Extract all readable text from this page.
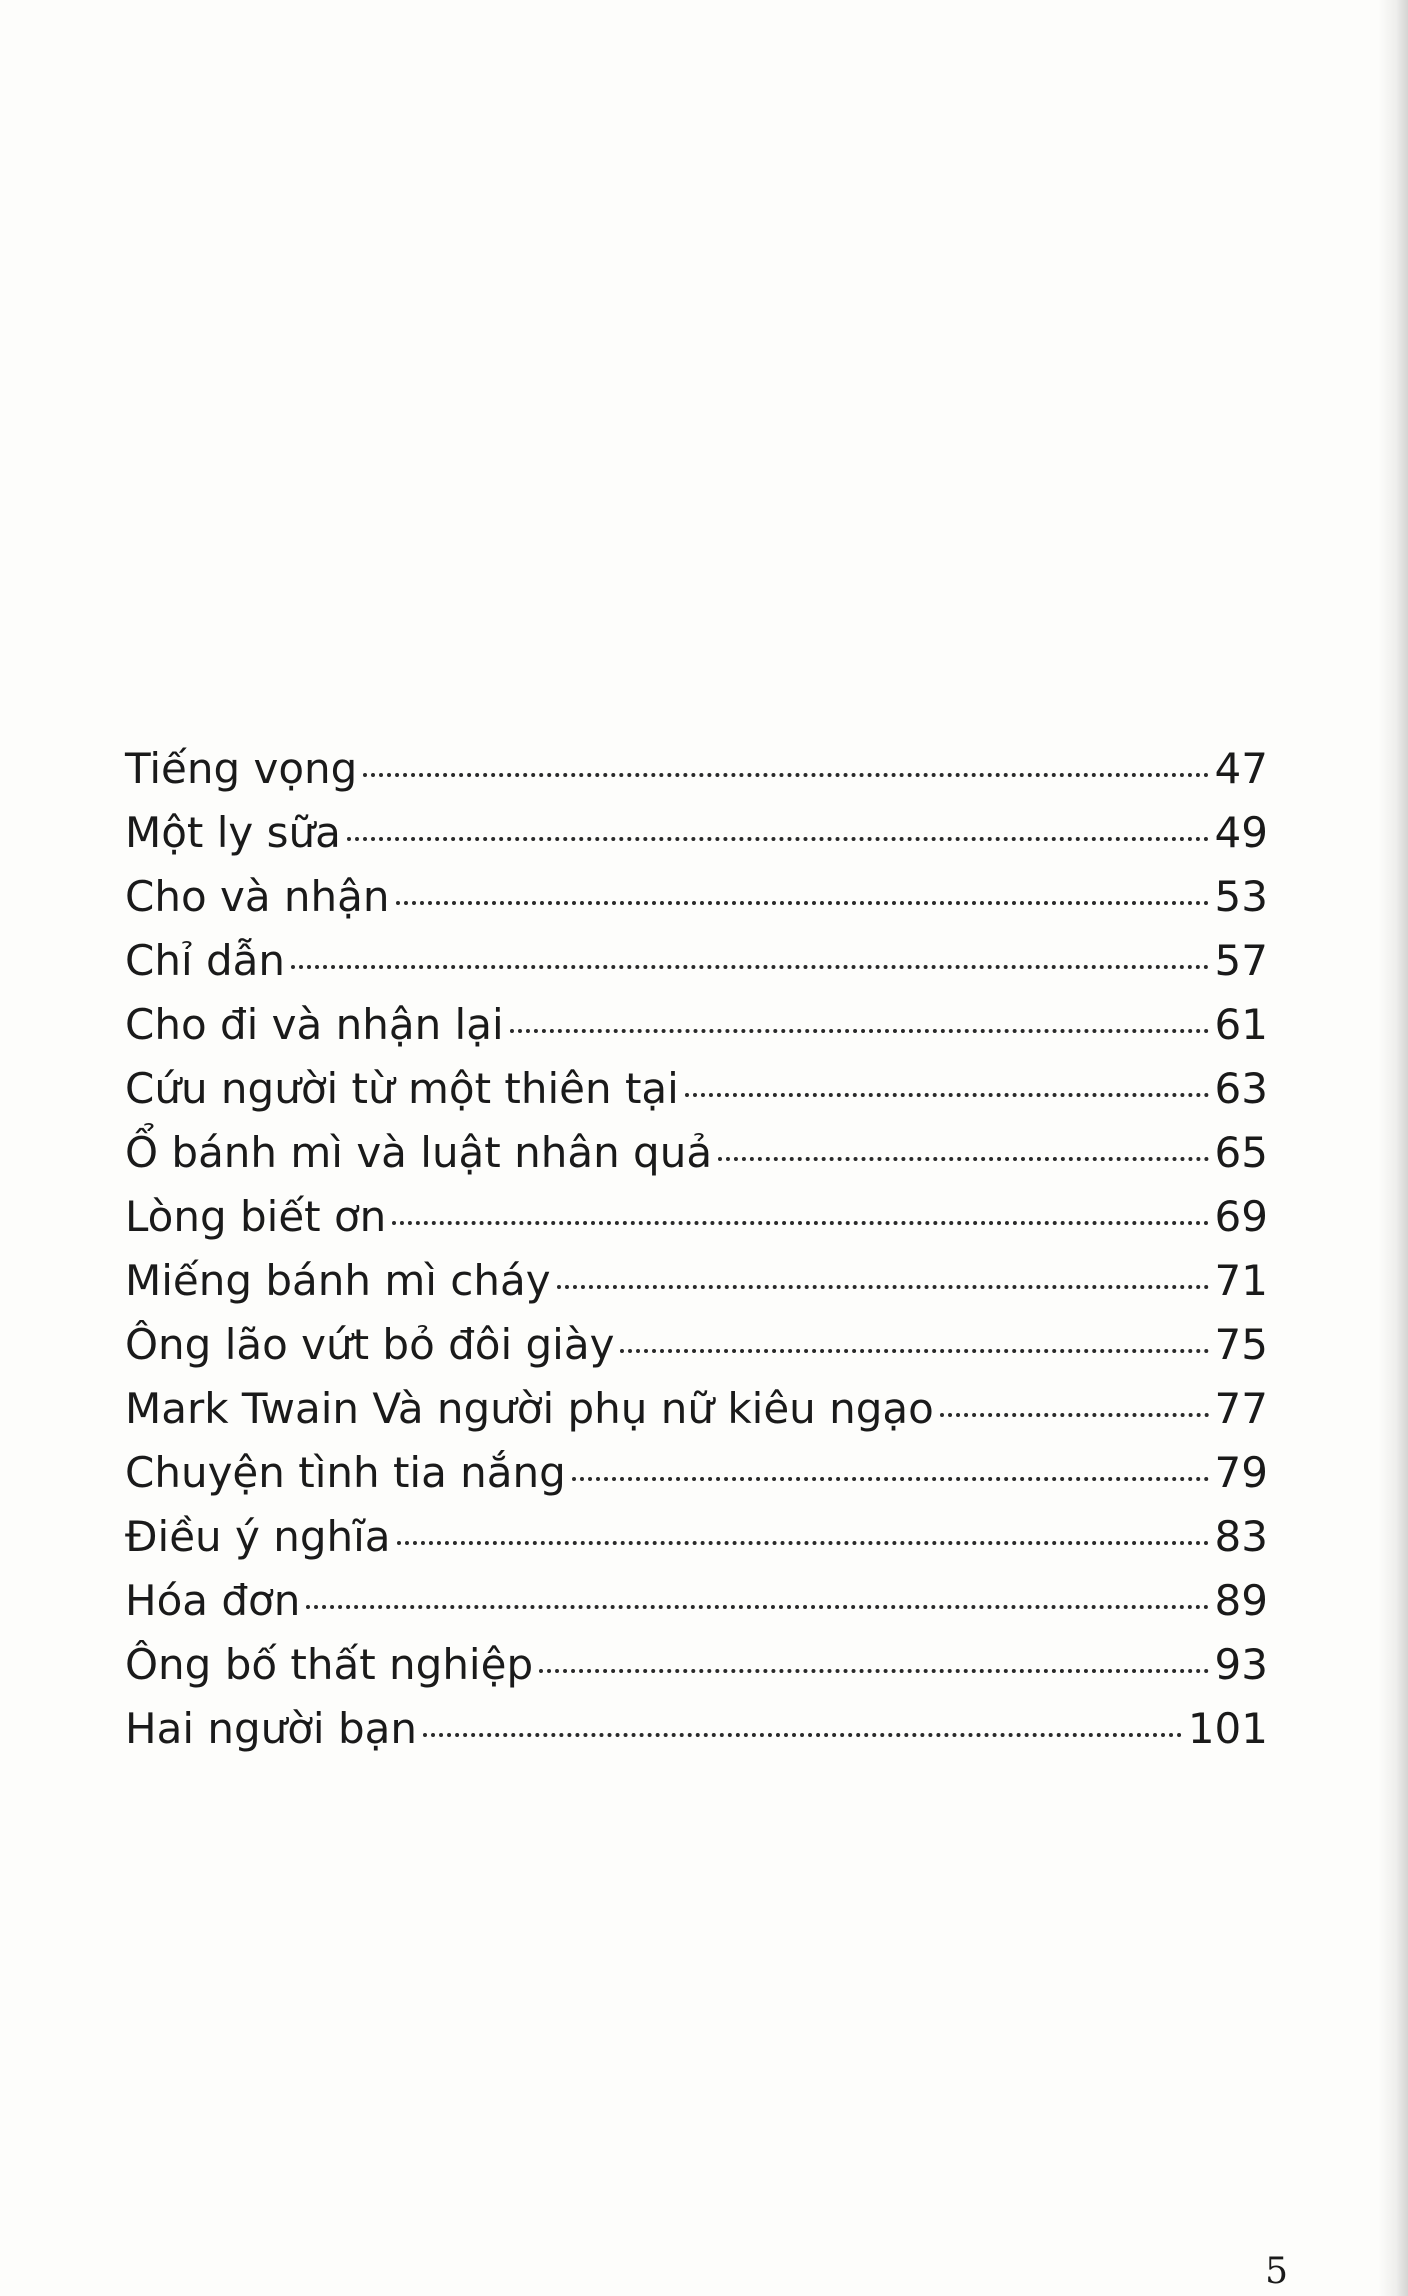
Tiếng vọng	47
Một ly sữa	49
Cho và nhận	53
Chỉ dẫn	57
Cho đi và nhận lại	61
Cứu người từ một thiên tại	63
Ổ bánh mì và luật nhân quả	65
Lòng biết ơn	69
Miếng bánh mì cháy	71
Ông lão vứt bỏ đôi giày	75
Mark Twain Và người phụ nữ kiêu ngạo	77
Chuyện tình tia nắng	79
Điều ý nghĩa	83
Hóa đơn	89
Ông bố thất nghiệp	93
Hai người bạn	101
5
